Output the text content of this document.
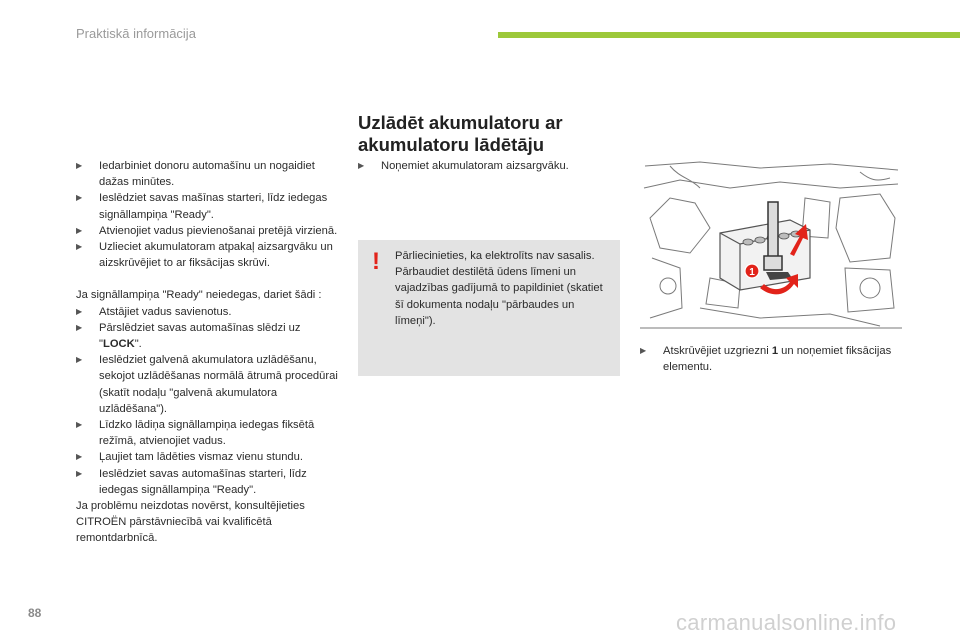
Praktiskā informācija

▶ Iedarbiniet donoru automašīnu un nogaidiet dažas minūtes.

▶ Ieslēdziet savas mašīnas starteri, līdz iedegas signāllampiņa "Ready".

▶ Atvienojiet vadus pievienošanai pretējā virzienā.

▶ Uzlieciet akumulatoram atpakaļ aizsargvāku un aizskrūvējiet to ar fiksācijas skrūvi.

Ja signāllampiņa "Ready" neiedegas, dariet šādi :

▶ Atstājiet vadus savienotus.

▶ Pārslēdziet savas automašīnas slēdzi uz "LOCK".

▶ Ieslēdziet galvenā akumulatora uzlādēšanu, sekojot uzlādēšanas normālā ātrumā procedūrai (skatīt nodaļu "galvenā akumulatora uzlādēšana").

▶ Līdzko lādiņa signāllampiņa iedegas fiksētā režīmā, atvienojiet vadus.

▶ Ļaujiet tam lādēties vismaz vienu stundu.

▶ Ieslēdziet savas automašīnas starteri, līdz iedegas signāllampiņa "Ready".

Ja problēmu neizdotas novērst, konsultējieties CITROËN pārstāvniecībā vai kvalificētā remontdarbnīcā.

Uzlādēt akumulatoru ar akumulatoru lādētāju
▶ Noņemiet akumulatoram aizsargvāku.
! Pārliecinieties, ka elektrolīts nav sasalis.
Pārbaudiet destilētā ūdens līmeni un vajadzības gadījumā to papildiniet (skatiet šī dokumenta nodaļu "pārbaudes un līmeņi").
1
▶ Atskrūvējiet uzgriezni 1 un noņemiet fiksācijas elementu.
88	carmanualsonline.info
